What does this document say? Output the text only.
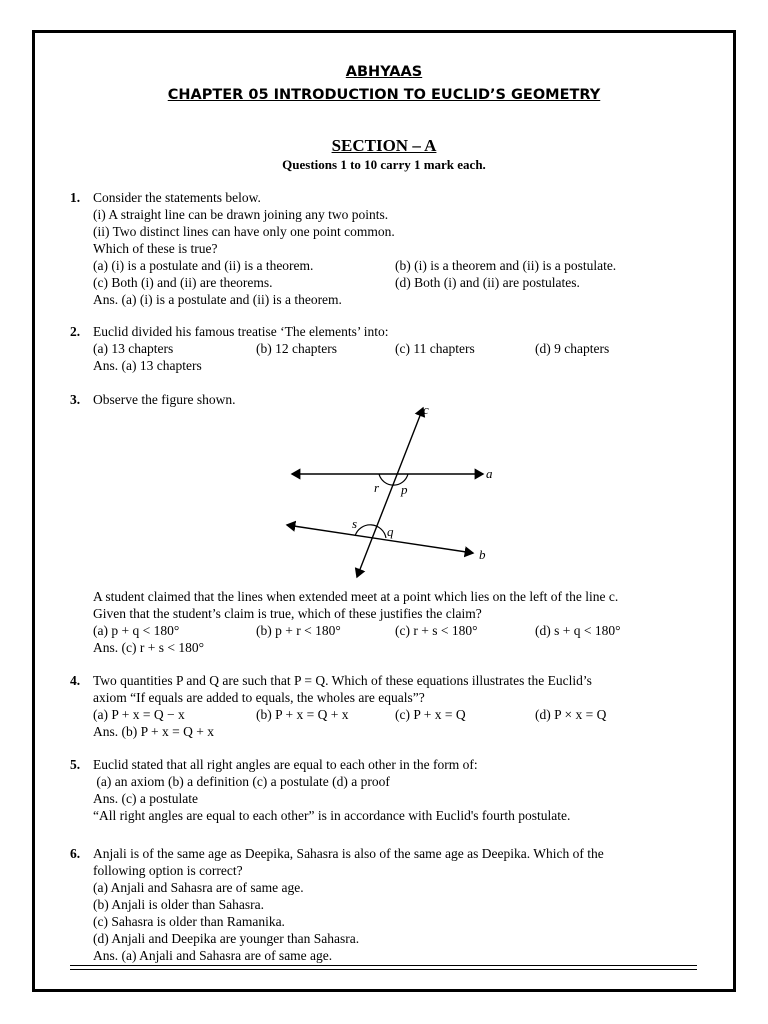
ABHYAAS
CHAPTER 05 INTRODUCTION TO EUCLID’S GEOMETRY
SECTION – A
Questions 1 to 10 carry 1 mark each.
1. Consider the statements below.
(i) A straight line can be drawn joining any two points.
(ii) Two distinct lines can have only one point common.
Which of these is true?
(a) (i) is a postulate and (ii) is a theorem.	(b) (i) is a theorem and (ii) is a postulate.
(c) Both (i) and (ii) are theorems.	(d) Both (i) and (ii) are postulates.
Ans. (a) (i) is a postulate and (ii) is a theorem.
2. Euclid divided his famous treatise ‘The elements’ into:
(a) 13 chapters	(b) 12 chapters	(c) 11 chapters	(d) 9 chapters
Ans. (a) 13 chapters
3. Observe the figure shown.
c
a
b
r p
s
q
A student claimed that the lines when extended meet at a point which lies on the left of the line c.
Given that the student’s claim is true, which of these justifies the claim?
(a) p + q < 180°	(b) p + r < 180°	(c) r + s < 180°	(d) s + q < 180°
Ans. (c) r + s < 180°
4. Two quantities P and Q are such that P = Q. Which of these equations illustrates the Euclid’s
axiom “If equals are added to equals, the wholes are equals”?
(a) P + x = Q − x	(b) P + x = Q + x	(c) P + x = Q	(d) P × x = Q
Ans. (b) P + x = Q + x
5. Euclid stated that all right angles are equal to each other in the form of:
(a) an axiom (b) a definition (c) a postulate (d) a proof
Ans. (c) a postulate
“All right angles are equal to each other” is in accordance with Euclid's fourth postulate.
6. Anjali is of the same age as Deepika, Sahasra is also of the same age as Deepika. Which of the
following option is correct?
(a) Anjali and Sahasra are of same age.
(b) Anjali is older than Sahasra.
(c) Sahasra is older than Ramanika.
(d) Anjali and Deepika are younger than Sahasra.
Ans. (a) Anjali and Sahasra are of same age.
